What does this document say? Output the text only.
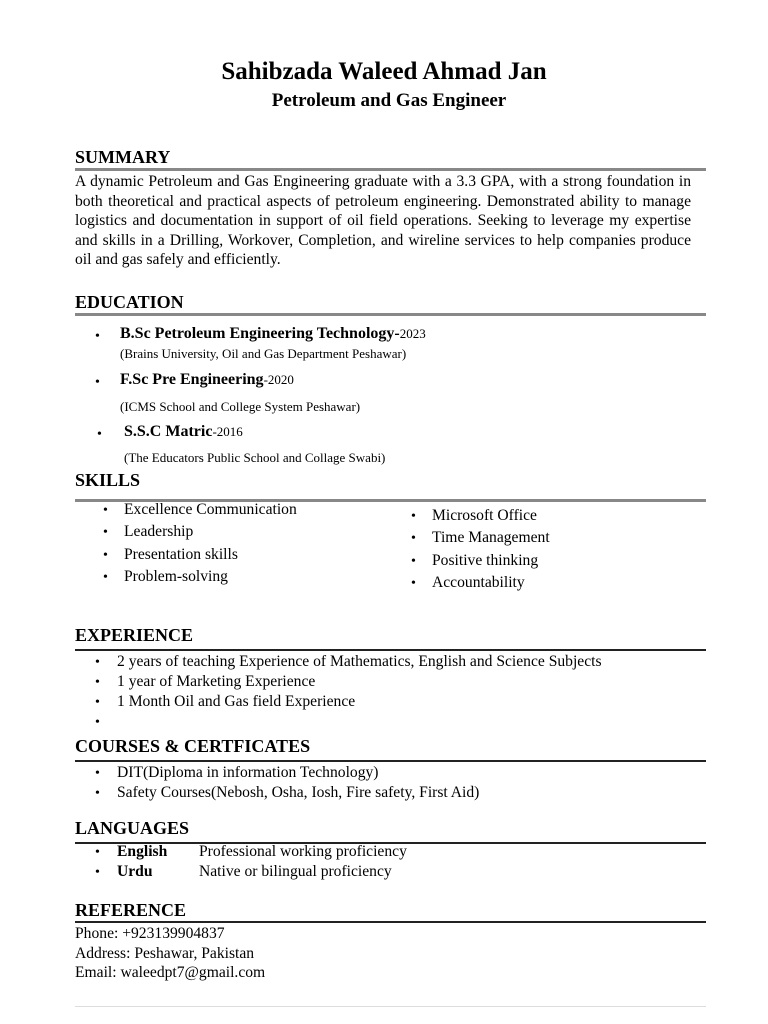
Sahibzada Waleed Ahmad Jan
Petroleum and Gas Engineer
SUMMARY
A dynamic Petroleum and Gas Engineering graduate with a 3.3 GPA, with a strong foundation in both theoretical and practical aspects of petroleum engineering. Demonstrated ability to manage logistics and documentation in support of oil field operations. Seeking to leverage my expertise and skills in a Drilling, Workover, Completion, and wireline services to help companies produce oil and gas safely and efficiently.
EDUCATION
• B.Sc Petroleum Engineering Technology-2023
(Brains University, Oil and Gas Department Peshawar)
• F.Sc Pre Engineering-2020
(ICMS School and College System Peshawar)
• S.S.C Matric-2016
(The Educators Public School and Collage Swabi)
SKILLS
• Excellence Communication
• Leadership
• Presentation skills
• Problem-solving
• Microsoft Office
• Time Management
• Positive thinking
• Accountability
EXPERIENCE
• 2 years of teaching Experience of Mathematics, English and Science Subjects
• 1 year of Marketing Experience
• 1 Month Oil and Gas field Experience
•
COURSES & CERTFICATES
• DIT(Diploma in information Technology)
• Safety Courses(Nebosh, Osha, Iosh, Fire safety, First Aid)
LANGUAGES
• English Professional working proficiency
• Urdu	Native or bilingual proficiency
REFERENCE
Phone: +923139904837
Address: Peshawar, Pakistan
Email: waleedpt7@gmail.com
